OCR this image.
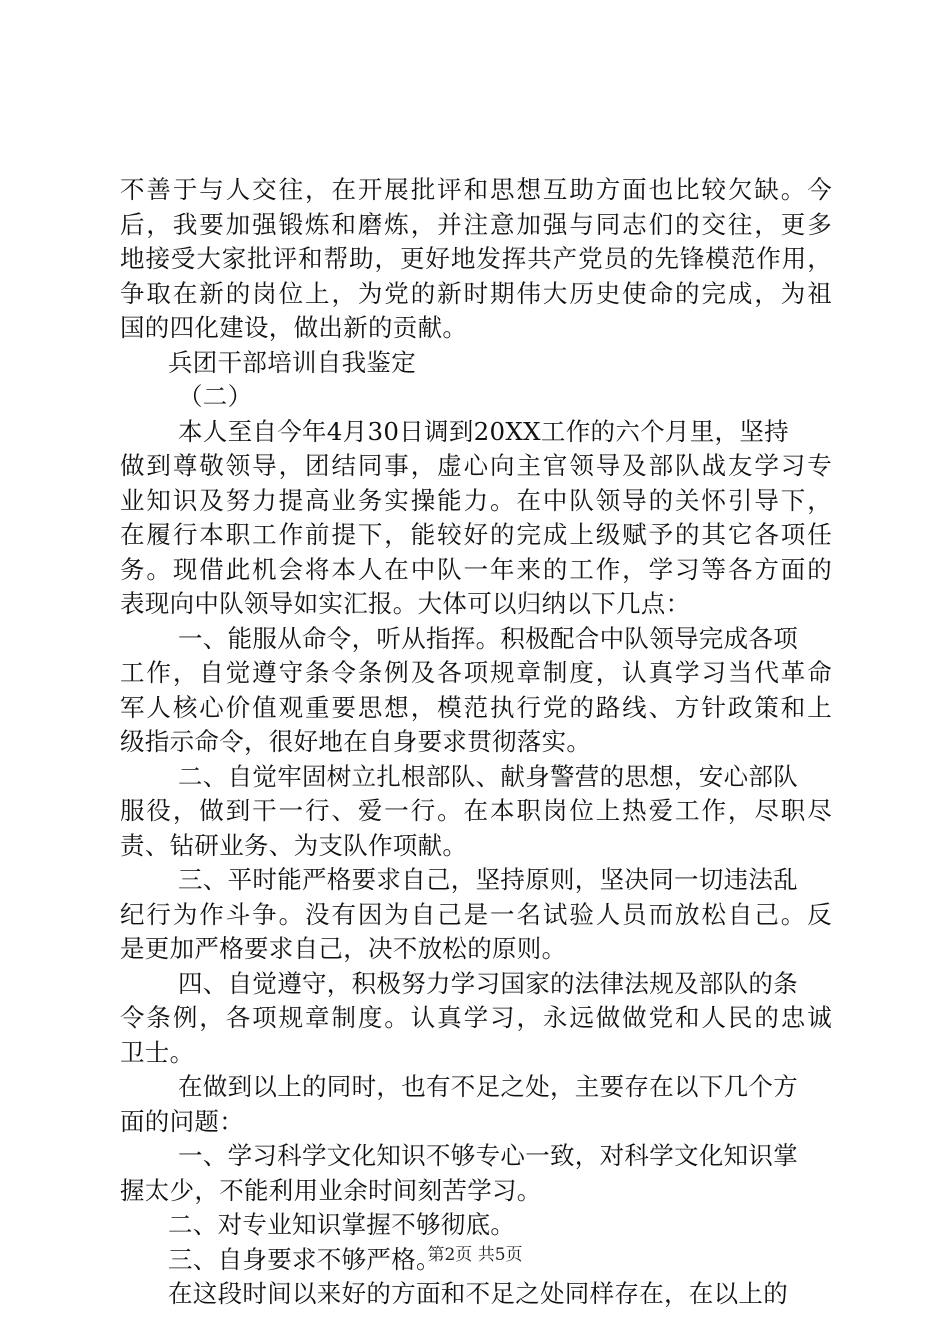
不善于与人交往，在开展批评和思想互助方面也比较欠缺。今
后，我要加强锻炼和磨炼，并注意加强与同志们的交往，更多
地接受大家批评和帮助，更好地发挥共产党员的先锋模范作用，
争取在新的岗位上，为党的新时期伟大历史使命的完成，为祖
国的四化建设，做出新的贡献。
兵团干部培训自我鉴定
（二）
本人至自今年4月30日调到20XX工作的六个月里，坚持
做到尊敬领导，团结同事，虚心向主官领导及部队战友学习专
业知识及努力提高业务实操能力。在中队领导的关怀引导下，
在履行本职工作前提下，能较好的完成上级赋予的其它各项任
务。现借此机会将本人在中队一年来的工作，学习等各方面的
表现向中队领导如实汇报。大体可以归纳以下几点：
一、能服从命令，听从指挥。积极配合中队领导完成各项
工作，自觉遵守条令条例及各项规章制度，认真学习当代革命
军人核心价值观重要思想，模范执行党的路线、方针政策和上
级指示命令，很好地在自身要求贯彻落实。
二、自觉牢固树立扎根部队、献身警营的思想，安心部队
服役，做到干一行、爱一行。在本职岗位上热爱工作，尽职尽
责、钻研业务、为支队作项献。
三、平时能严格要求自己，坚持原则，坚决同一切违法乱
纪行为作斗争。没有因为自己是一名试验人员而放松自己。反
是更加严格要求自己，决不放松的原则。
四、自觉遵守，积极努力学习国家的法律法规及部队的条
令条例，各项规章制度。认真学习，永远做做党和人民的忠诚
卫士。
在做到以上的同时，也有不足之处，主要存在以下几个方
面的问题：
一、学习科学文化知识不够专心一致，对科学文化知识掌
握太少，不能利用业余时间刻苦学习。
二、对专业知识掌握不够彻底。
三、自身要求不够严格。
在这段时间以来好的方面和不足之处同样存在，在以上的
第2页 共5页
